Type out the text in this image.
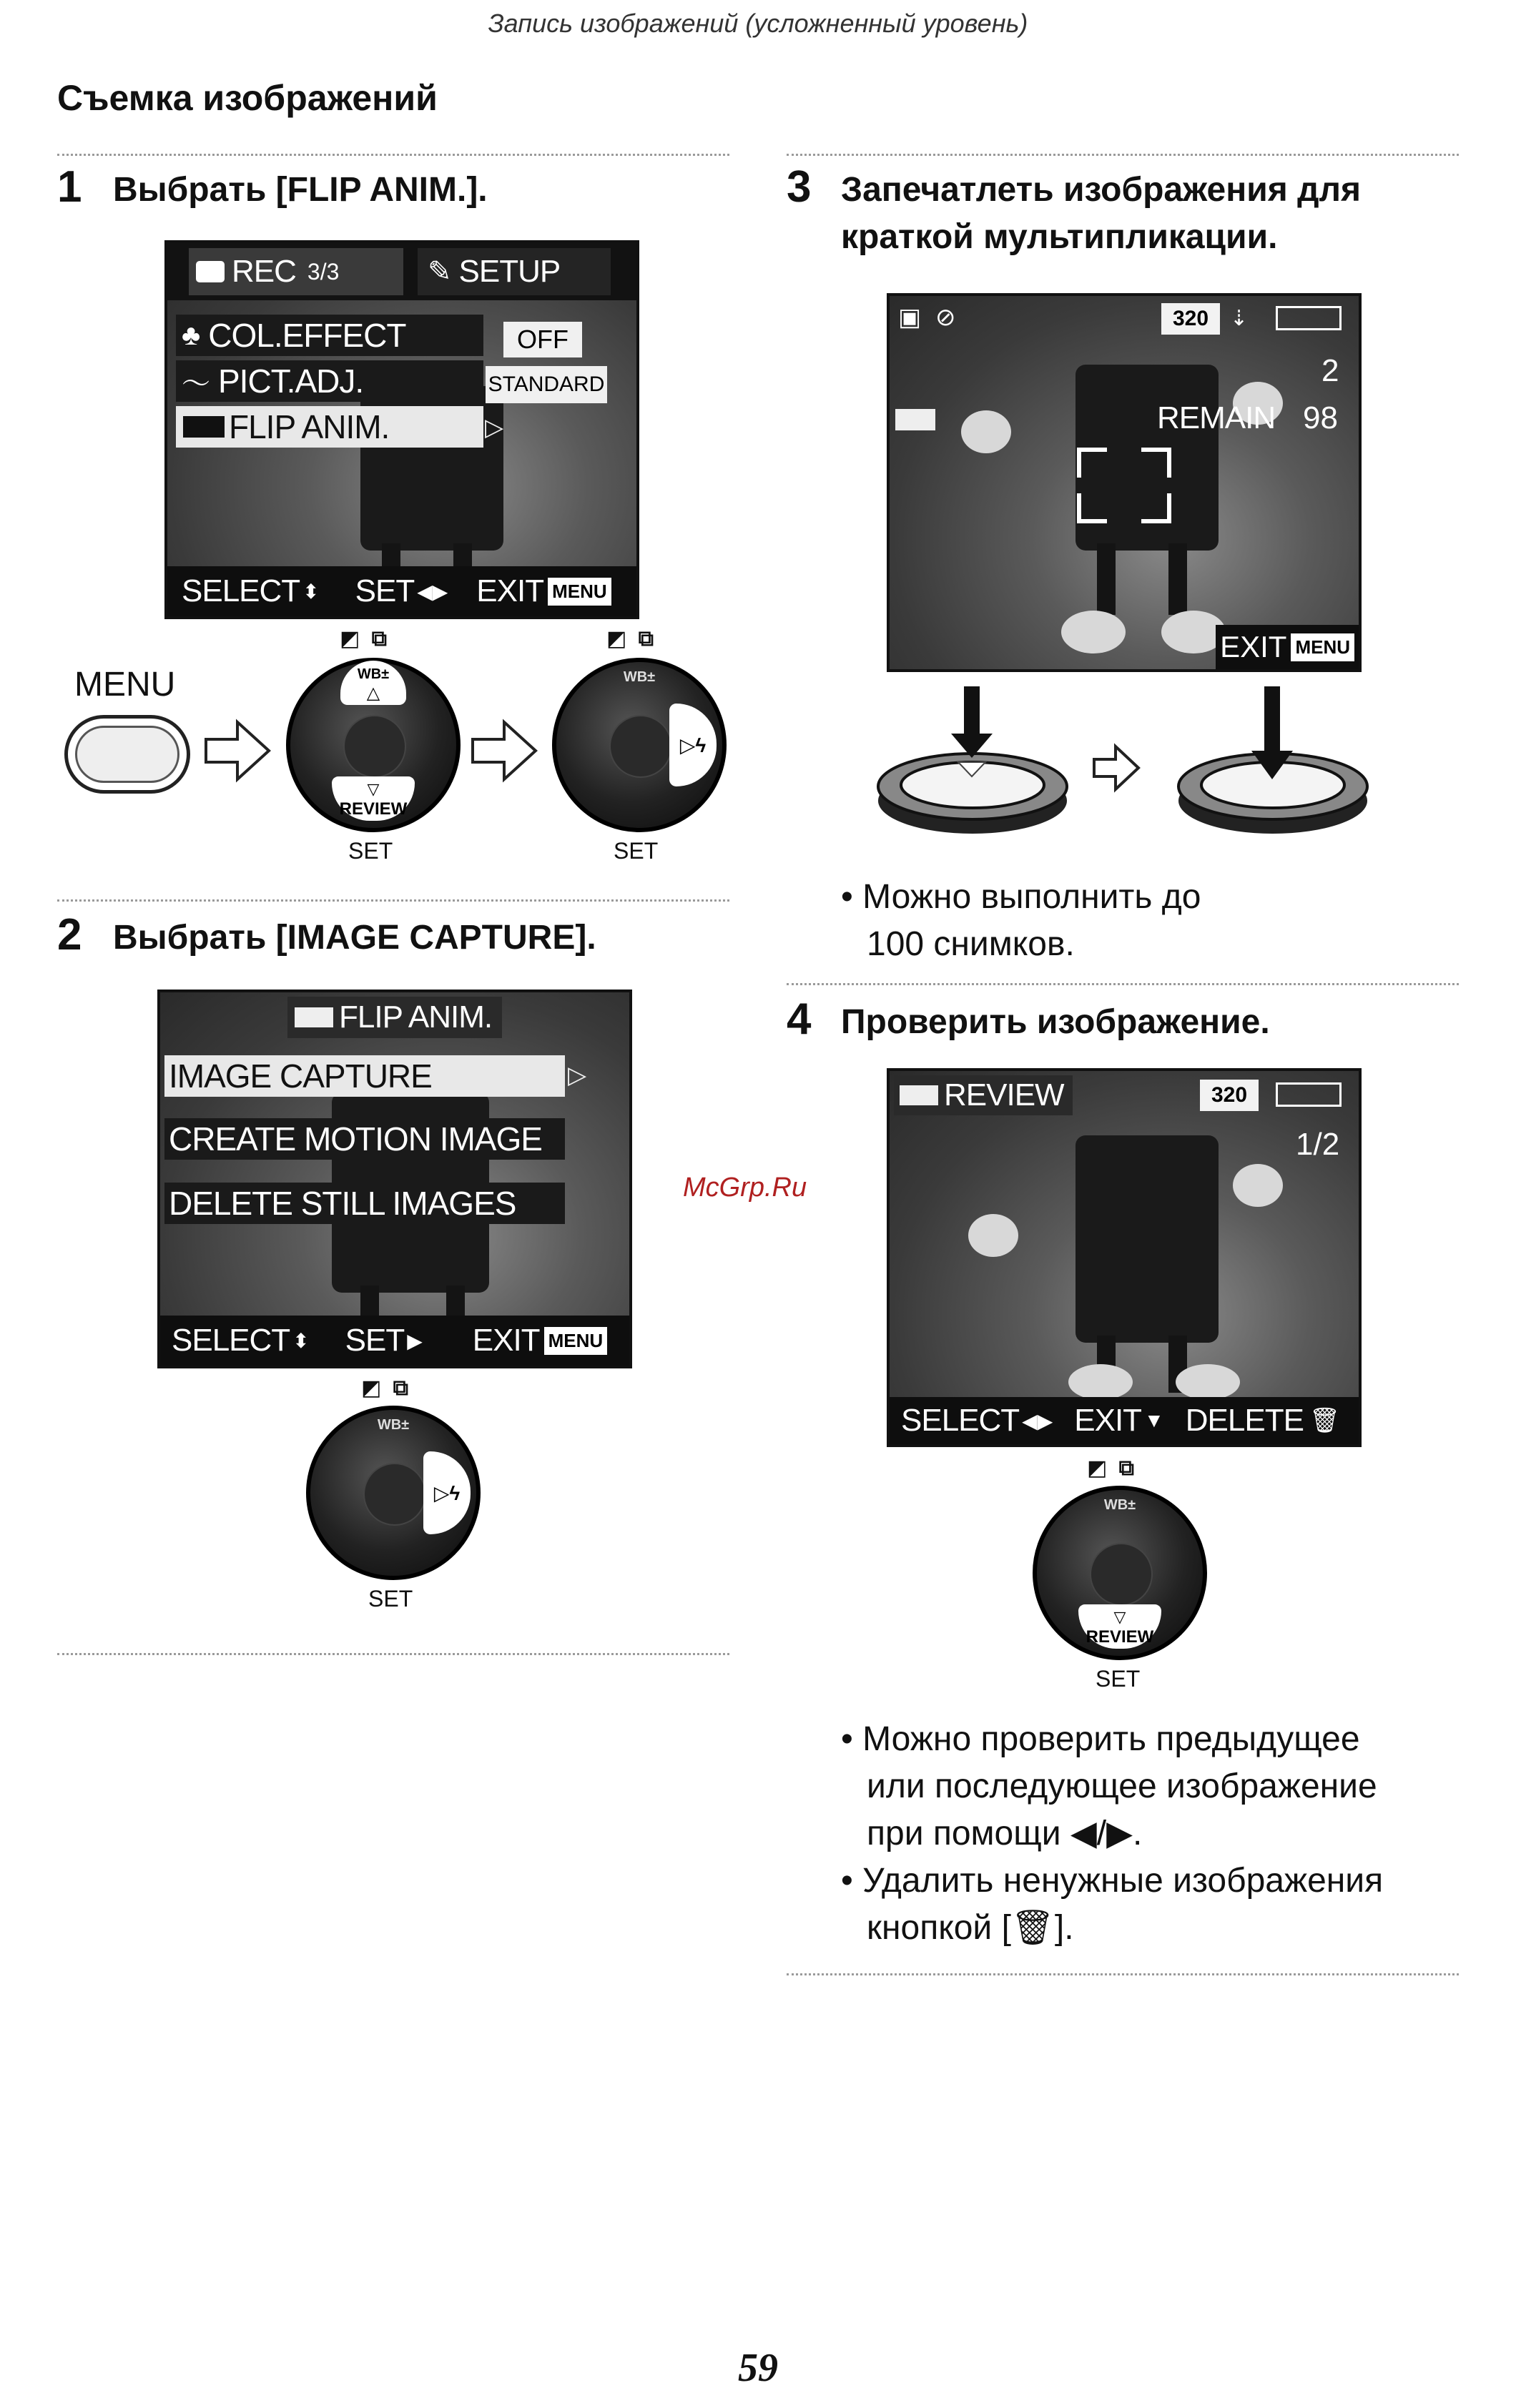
Запись изображений (усложненный уровень)
Съемка изображений
1 Выбрать [FLIP ANIM.].
REC 3/3	✎ SETUP
♣ COL.EFFECT	OFF
〜 PICT.ADJ.	STANDARD
FLIP ANIM.	▷
SELECT ⬍ SET ◀▶ EXIT MENU
MENU
◩ ⧉
WB±
△
▽
REVIEW
SET
◩ ⧉
WB±
▷ϟ
SET
2 Выбрать [IMAGE CAPTURE].
FLIP ANIM.
IMAGE CAPTURE	▷
CREATE MOTION IMAGE
DELETE STILL IMAGES
SELECT ⬍ SET ▶ EXIT MENU
◩ ⧉
WB±
▷ϟ
SET
3 Запечатлеть изображения для
краткой мультипликации.
▣ ⊘	320 ⇣
2
REMAIN 98
EXIT MENU
• Можно выполнить до
100 снимков.
4 Проверить изображение.
REVIEW	320
1/2
SELECT ◀▶ EXIT ▼ DELETE 🗑
◩ ⧉
WB±
▽
REVIEW
SET
• Можно проверить предыдущее
или последующее изображение
при помощи ◀/▶.
• Удалить ненужные изображения
кнопкой [🗑].
McGrp.Ru
59
